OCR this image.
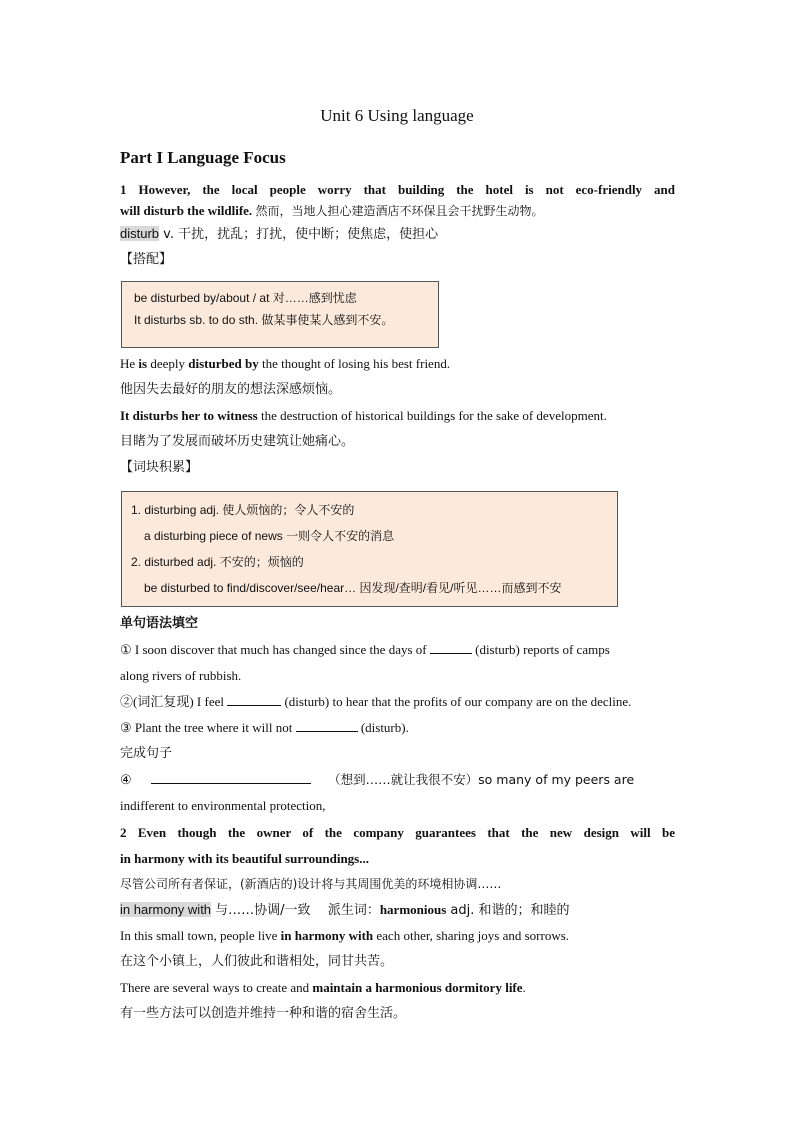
Unit 6 Using language
Part I Language Focus
1 However, the local people worry that building the hotel is not eco-friendly and
will disturb the wildlife. 然而，当地人担心建造酒店不环保且会干扰野生动物。
disturb v. 干扰，扰乱；打扰，使中断；使焦虑，使担心
【搭配】
be disturbed by/about / at 对……感到忧虑
It disturbs sb. to do sth. 做某事使某人感到不安。
He is deeply disturbed by the thought of losing his best friend.
他因失去最好的朋友的想法深感烦恼。
It disturbs her to witness the destruction of historical buildings for the sake of development.
目睹为了发展而破坏历史建筑让她痛心。
【词块积累】
1. disturbing adj. 使人烦恼的；令人不安的
a disturbing piece of news 一则令人不安的消息
2. disturbed adj. 不安的；烦恼的
be disturbed to find/discover/see/hear… 因发现/查明/看见/听见……而感到不安
单句语法填空
① I soon discover that much has changed since the days of	(disturb) reports of camps
along rivers of rubbish.
②(词汇复现) I feel	(disturb) to hear that the profits of our company are on the decline.
③ Plant the tree where it will not	(disturb).
完成句子
④	（想到……就让我很不安）so many of my peers are
indifferent to environmental protection,
2 Even though the owner of the company guarantees that the new design will be
in harmony with its beautiful surroundings...
尽管公司所有者保证，(新酒店的)设计将与其周围优美的环境相协调……
in harmony with 与……协调/一致 派生词：harmonious adj. 和谐的；和睦的
In this small town, people live in harmony with each other, sharing joys and sorrows.
在这个小镇上，人们彼此和谐相处，同甘共苦。
There are several ways to create and maintain a harmonious dormitory life.
有一些方法可以创造并维持一种和谐的宿舍生活。
